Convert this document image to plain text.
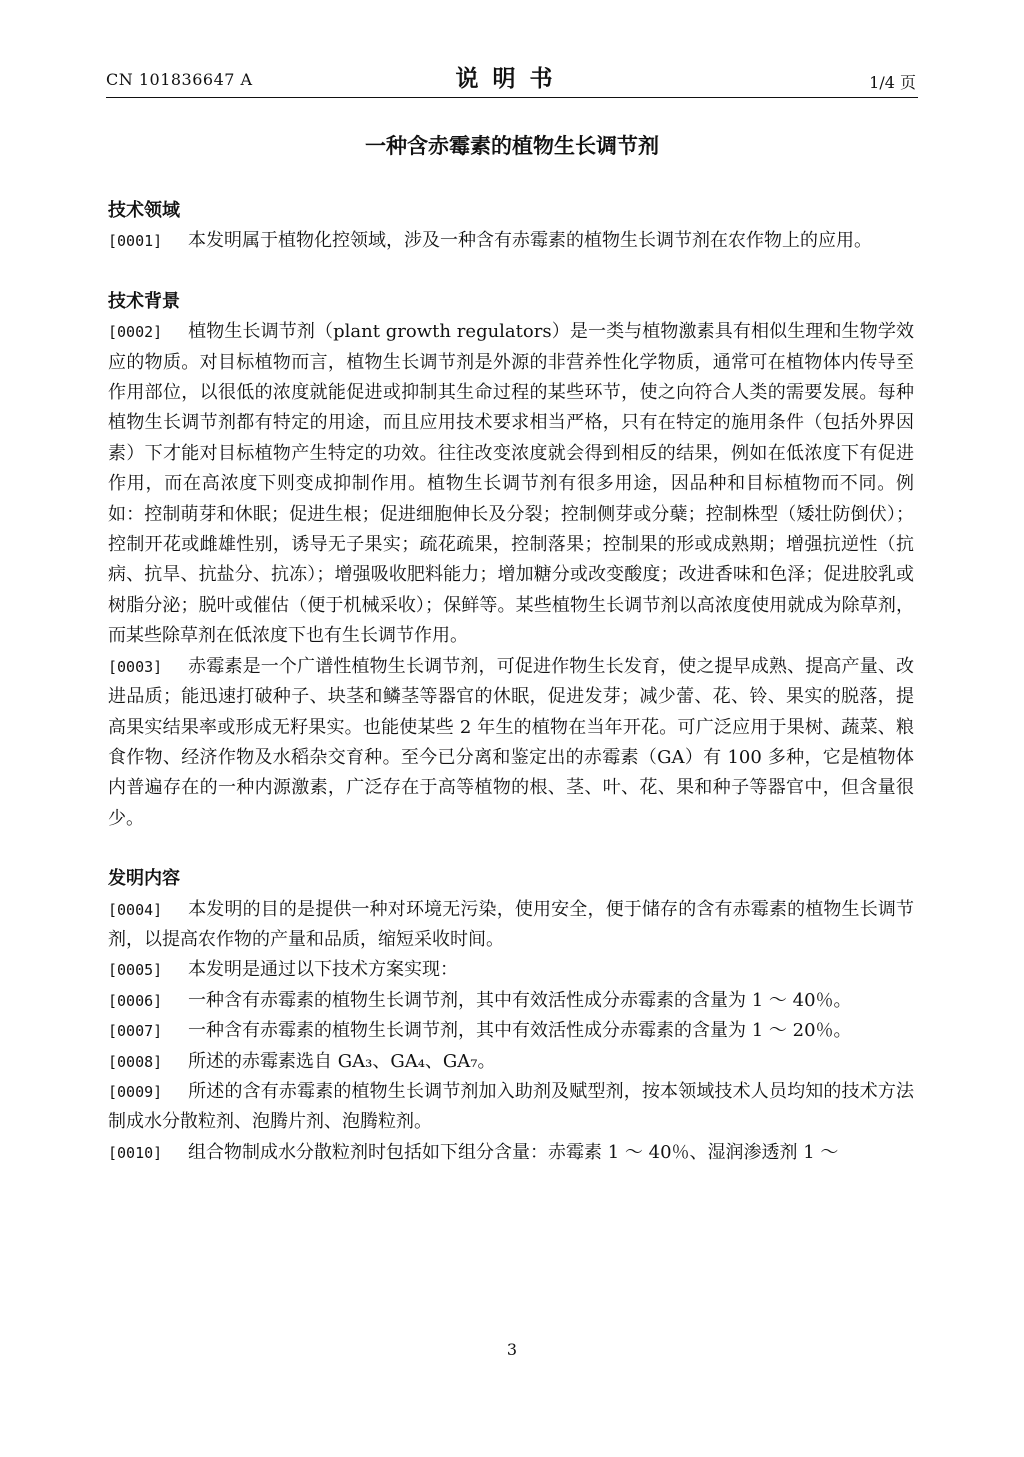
CN 101836647 A	说明书	1/4 页
一种含赤霉素的植物生长调节剂
技术领域
[0001] 本发明属于植物化控领域，涉及一种含有赤霉素的植物生长调节剂在农作物上的应用。
技术背景
[0002] 植物生长调节剂（plant growth regulators）是一类与植物激素具有相似生理和生物学效应的物质。对目标植物而言，植物生长调节剂是外源的非营养性化学物质，通常可在植物体内传导至作用部位，以很低的浓度就能促进或抑制其生命过程的某些环节，使之向符合人类的需要发展。每种植物生长调节剂都有特定的用途，而且应用技术要求相当严格，只有在特定的施用条件（包括外界因素）下才能对目标植物产生特定的功效。往往改变浓度就会得到相反的结果，例如在低浓度下有促进作用，而在高浓度下则变成抑制作用。植物生长调节剂有很多用途，因品种和目标植物而不同。例如：控制萌芽和休眠；促进生根；促进细胞伸长及分裂；控制侧芽或分蘖；控制株型（矮壮防倒伏）；控制开花或雌雄性别，诱导无子果实；疏花疏果，控制落果；控制果的形或成熟期；增强抗逆性（抗病、抗旱、抗盐分、抗冻）；增强吸收肥料能力；增加糖分或改变酸度；改进香味和色泽；促进胶乳或树脂分泌；脱叶或催估（便于机械采收）；保鲜等。某些植物生长调节剂以高浓度使用就成为除草剂，而某些除草剂在低浓度下也有生长调节作用。
[0003] 赤霉素是一个广谱性植物生长调节剂，可促进作物生长发育，使之提早成熟、提高产量、改进品质；能迅速打破种子、块茎和鳞茎等器官的休眠，促进发芽；减少蕾、花、铃、果实的脱落，提高果实结果率或形成无籽果实。也能使某些 2 年生的植物在当年开花。可广泛应用于果树、蔬菜、粮食作物、经济作物及水稻杂交育种。至今已分离和鉴定出的赤霉素（GA）有 100 多种，它是植物体内普遍存在的一种内源激素，广泛存在于高等植物的根、茎、叶、花、果和种子等器官中，但含量很少。
发明内容
[0004] 本发明的目的是提供一种对环境无污染，使用安全，便于储存的含有赤霉素的植物生长调节剂，以提高农作物的产量和品质，缩短采收时间。
[0005] 本发明是通过以下技术方案实现：
[0006] 一种含有赤霉素的植物生长调节剂，其中有效活性成分赤霉素的含量为 1 ～ 40％。
[0007] 一种含有赤霉素的植物生长调节剂，其中有效活性成分赤霉素的含量为 1 ～ 20％。
[0008] 所述的赤霉素选自 GA₃、GA₄、GA₇。
[0009] 所述的含有赤霉素的植物生长调节剂加入助剂及赋型剂，按本领域技术人员均知的技术方法制成水分散粒剂、泡腾片剂、泡腾粒剂。
[0010] 组合物制成水分散粒剂时包括如下组分含量：赤霉素 1 ～ 40％、湿润渗透剂 1 ～
3
